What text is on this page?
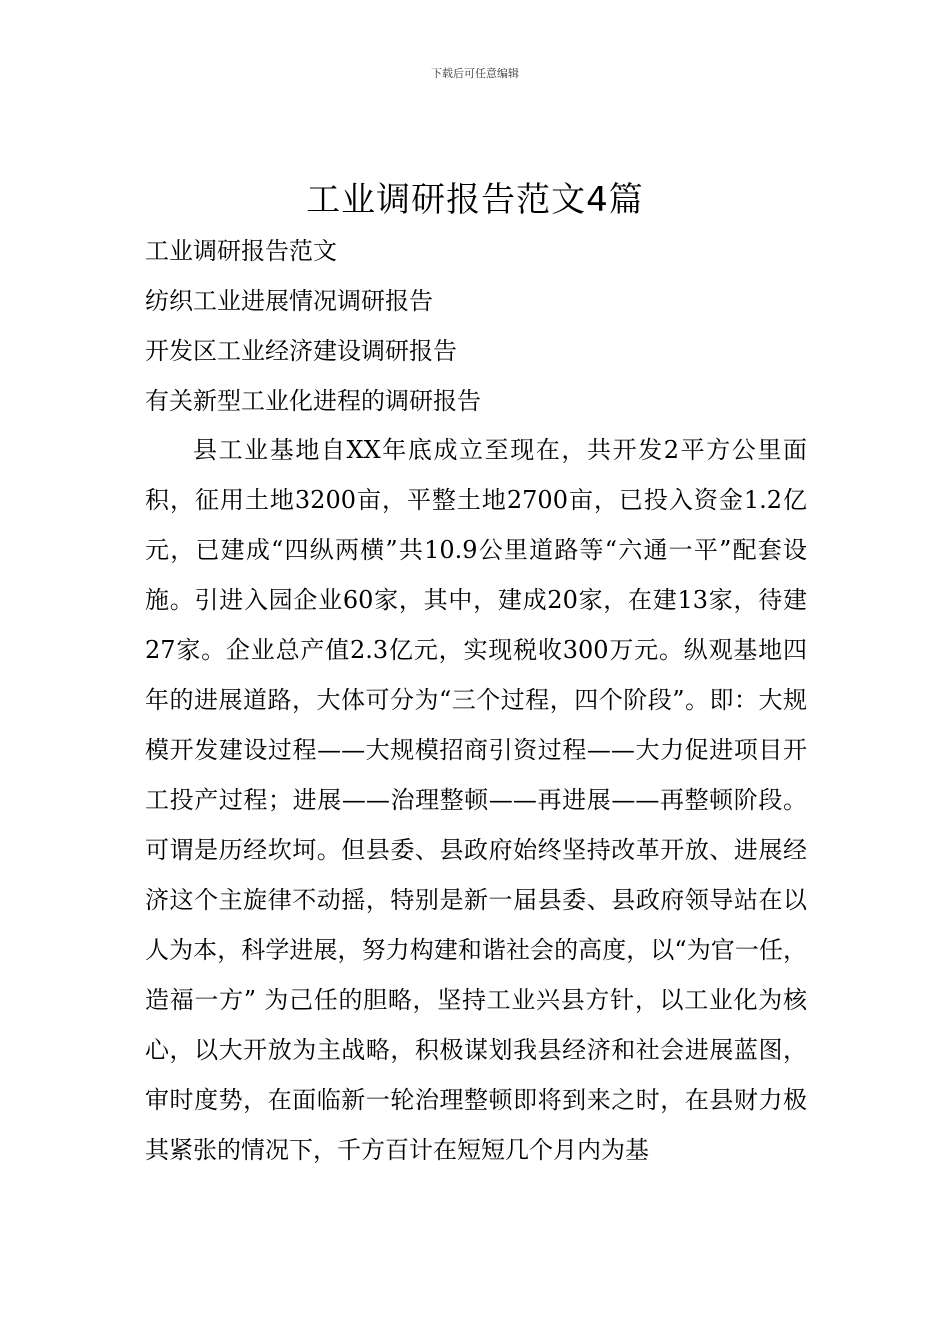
下载后可任意编辑
工业调研报告范文4篇
工业调研报告范文
纺织工业进展情况调研报告
开发区工业经济建设调研报告
有关新型工业化进程的调研报告

县工业基地自XX年底成立至现在，共开发2平方公里面积，征用土地3200亩，平整土地2700亩，已投入资金1.2亿元，已建成“四纵两横”共10.9公里道路等“六通一平”配套设施。引进入园企业60家，其中，建成20家，在建13家，待建27家。企业总产值2.3亿元，实现税收300万元。纵观基地四年的进展道路，大体可分为“三个过程，四个阶段”。即：大规模开发建设过程——大规模招商引资过程——大力促进项目开工投产过程；进展——治理整顿——再进展——再整顿阶段。可谓是历经坎坷。但县委、县政府始终坚持改革开放、进展经济这个主旋律不动摇，特别是新一届县委、县政府领导站在以人为本，科学进展，努力构建和谐社会的高度，以“为官一任，造福一方” 为己任的胆略，坚持工业兴县方针，以工业化为核心，以大开放为主战略，积极谋划我县经济和社会进展蓝图，审时度势，在面临新一轮治理整顿即将到来之时，在县财力极其紧张的情况下，千方百计在短短几个月内为基
